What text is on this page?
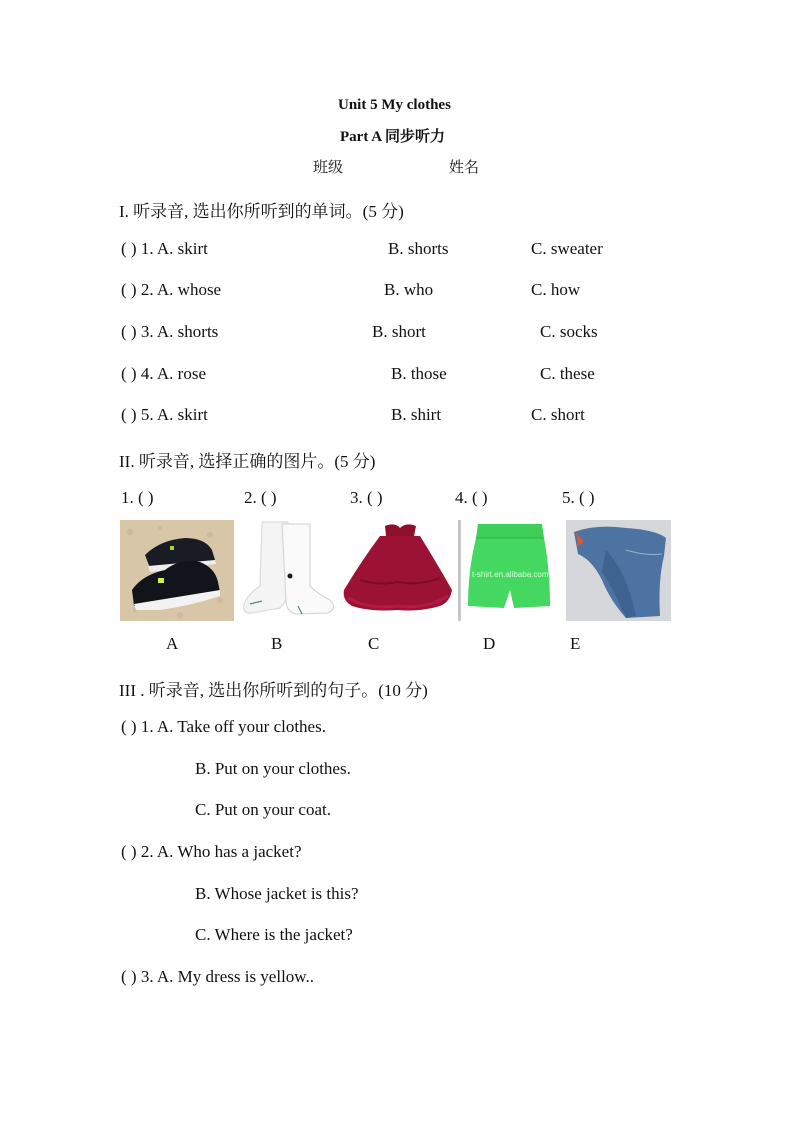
Unit 5 My clothes
Part A 同步听力
班级	姓名
I. 听录音, 选出你所听到的单词。(5 分)
( ) 1. A. skirt	B. shorts	C. sweater
( ) 2. A. whose	B. who	C. how
( ) 3. A. shorts	B. short	C. socks
( ) 4. A. rose	B. those	C. these
( ) 5. A. skirt	B. shirt	C. short
II. 听录音, 选择正确的图片。(5 分)
1. ( )	2. ( )	3. ( )	4. ( )	5. ( )
t-shirt.en.alibaba.com
A	B	C	D	E
III . 听录音, 选出你所听到的句子。(10 分)
( ) 1. A. Take off your clothes.
B. Put on your clothes.
C. Put on your coat.
( ) 2. A. Who has a jacket?
B. Whose jacket is this?
C. Where is the jacket?
( ) 3. A. My dress is yellow..
